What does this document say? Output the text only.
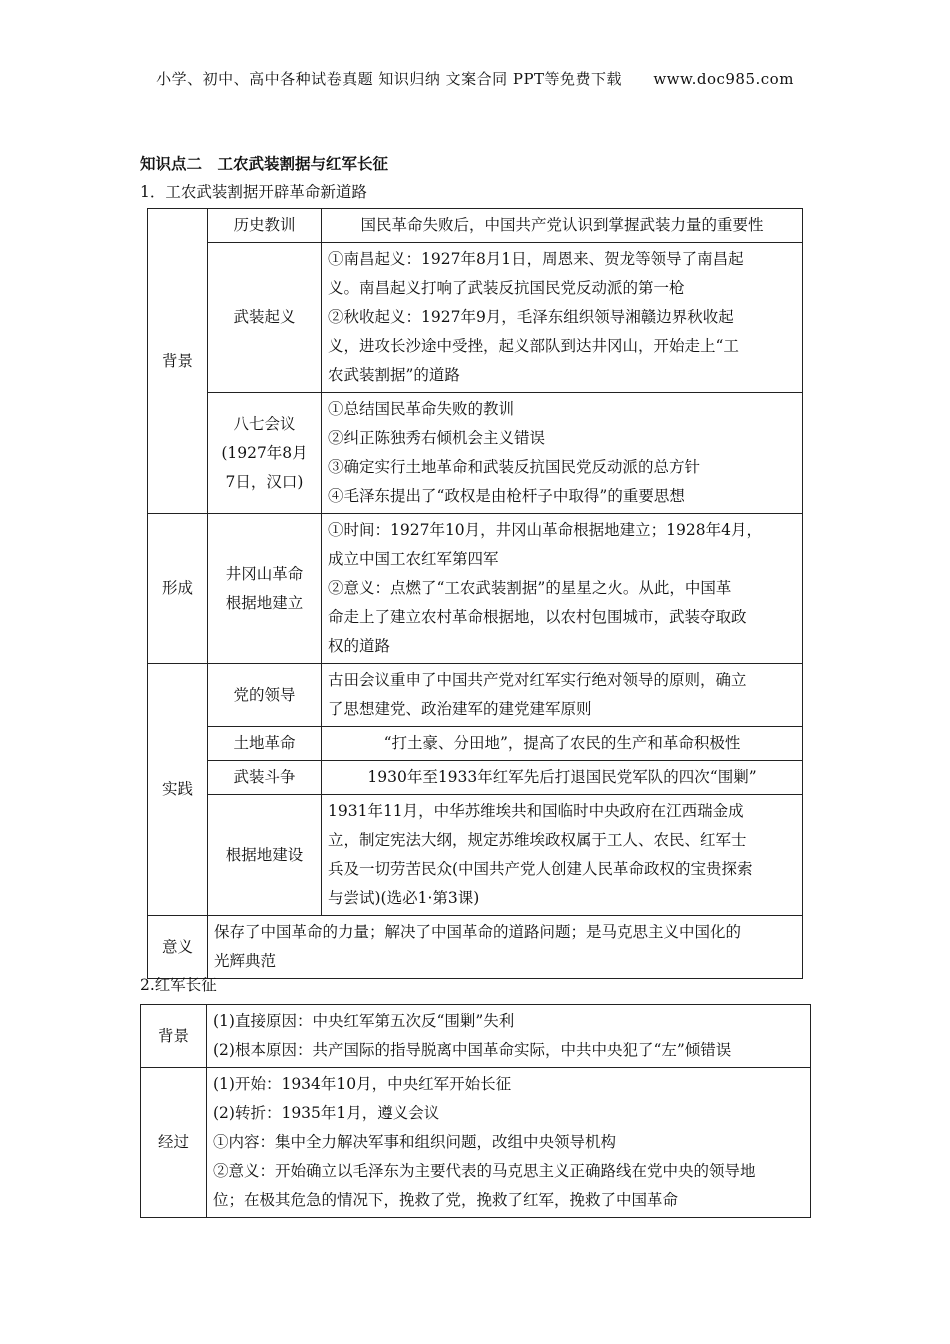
小学、初中、高中各种试卷真题 知识归纳 文案合同 PPT等免费下载 www.doc985.com
知识点二　工农武装割据与红军长征
1．工农武装割据开辟革命新道路
背景	历史教训	国民革命失败后，中国共产党认识到掌握武装力量的重要性
	武装起义	①南昌起义：1927年8月1日，周恩来、贺龙等领导了南昌起
义。南昌起义打响了武装反抗国民党反动派的第一枪
②秋收起义：1927年9月，毛泽东组织领导湘赣边界秋收起
义，进攻长沙途中受挫，起义部队到达井冈山，开始走上“工
农武装割据”的道路

	八七会议
(1927年8月
7日，汉口)	①总结国民革命失败的教训
②纠正陈独秀右倾机会主义错误
③确定实行土地革命和武装反抗国民党反动派的总方针
④毛泽东提出了“政权是由枪杆子中取得”的重要思想

形成	井冈山革命
根据地建立	①时间：1927年10月，井冈山革命根据地建立；1928年4月，
成立中国工农红军第四军
②意义：点燃了“工农武装割据”的星星之火。从此，中国革
命走上了建立农村革命根据地，以农村包围城市，武装夺取政
权的道路

实践	党的领导	古田会议重申了中国共产党对红军实行绝对领导的原则，确立
了思想建党、政治建军的建党建军原则

	土地革命	“打土豪、分田地”，提高了农民的生产和革命积极性
	武装斗争	1930年至1933年红军先后打退国民党军队的四次“围剿”
	根据地建设	1931年11月，中华苏维埃共和国临时中央政府在江西瑞金成
立，制定宪法大纲，规定苏维埃政权属于工人、农民、红军士
兵及一切劳苦民众(中国共产党人创建人民革命政权的宝贵探索
与尝试)(选必1·第3课)

意义	保存了中国革命的力量；解决了中国革命的道路问题；是马克思主义中国化的
光辉典范	
2.红军长征
背景	(1)直接原因：中央红军第五次反“围剿”失利
(2)根本原因：共产国际的指导脱离中国革命实际，中共中央犯了“左”倾错误

经过	(1)开始：1934年10月，中央红军开始长征
(2)转折：1935年1月，遵义会议
①内容：集中全力解决军事和组织问题，改组中央领导机构
②意义：开始确立以毛泽东为主要代表的马克思主义正确路线在党中央的领导地
位；在极其危急的情况下，挽救了党，挽救了红军，挽救了中国革命
